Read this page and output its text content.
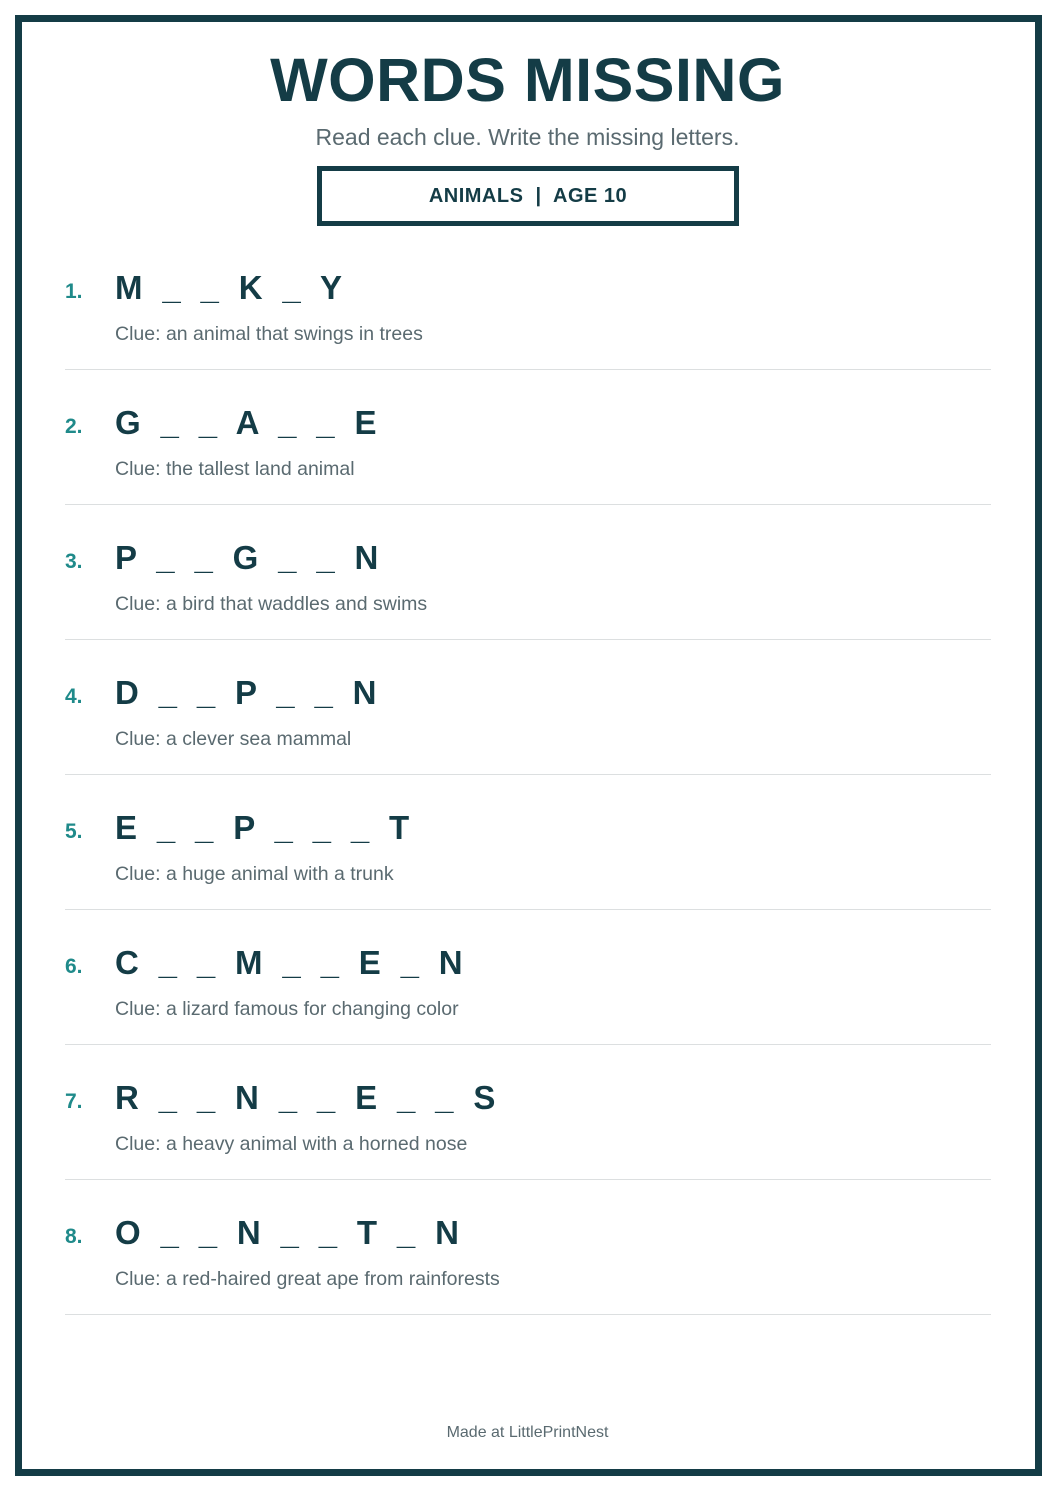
WORDS MISSING
Read each clue. Write the missing letters.
ANIMALS  |  AGE 10
1. M  _  _  K  _  Y
Clue: an animal that swings in trees
2. G  _  _  A  _  _  E
Clue: the tallest land animal
3. P  _  _  G  _  _  N
Clue: a bird that waddles and swims
4. D  _  _  P  _  _  N
Clue: a clever sea mammal
5. E  _  _  P  _  _  _  T
Clue: a huge animal with a trunk
6. C  _  _  M  _  _  E  _  N
Clue: a lizard famous for changing color
7. R  _  _  N  _  _  E  _  _  S
Clue: a heavy animal with a horned nose
8. O  _  _  N  _  _  T  _  N
Clue: a red-haired great ape from rainforests
Made at LittlePrintNest
